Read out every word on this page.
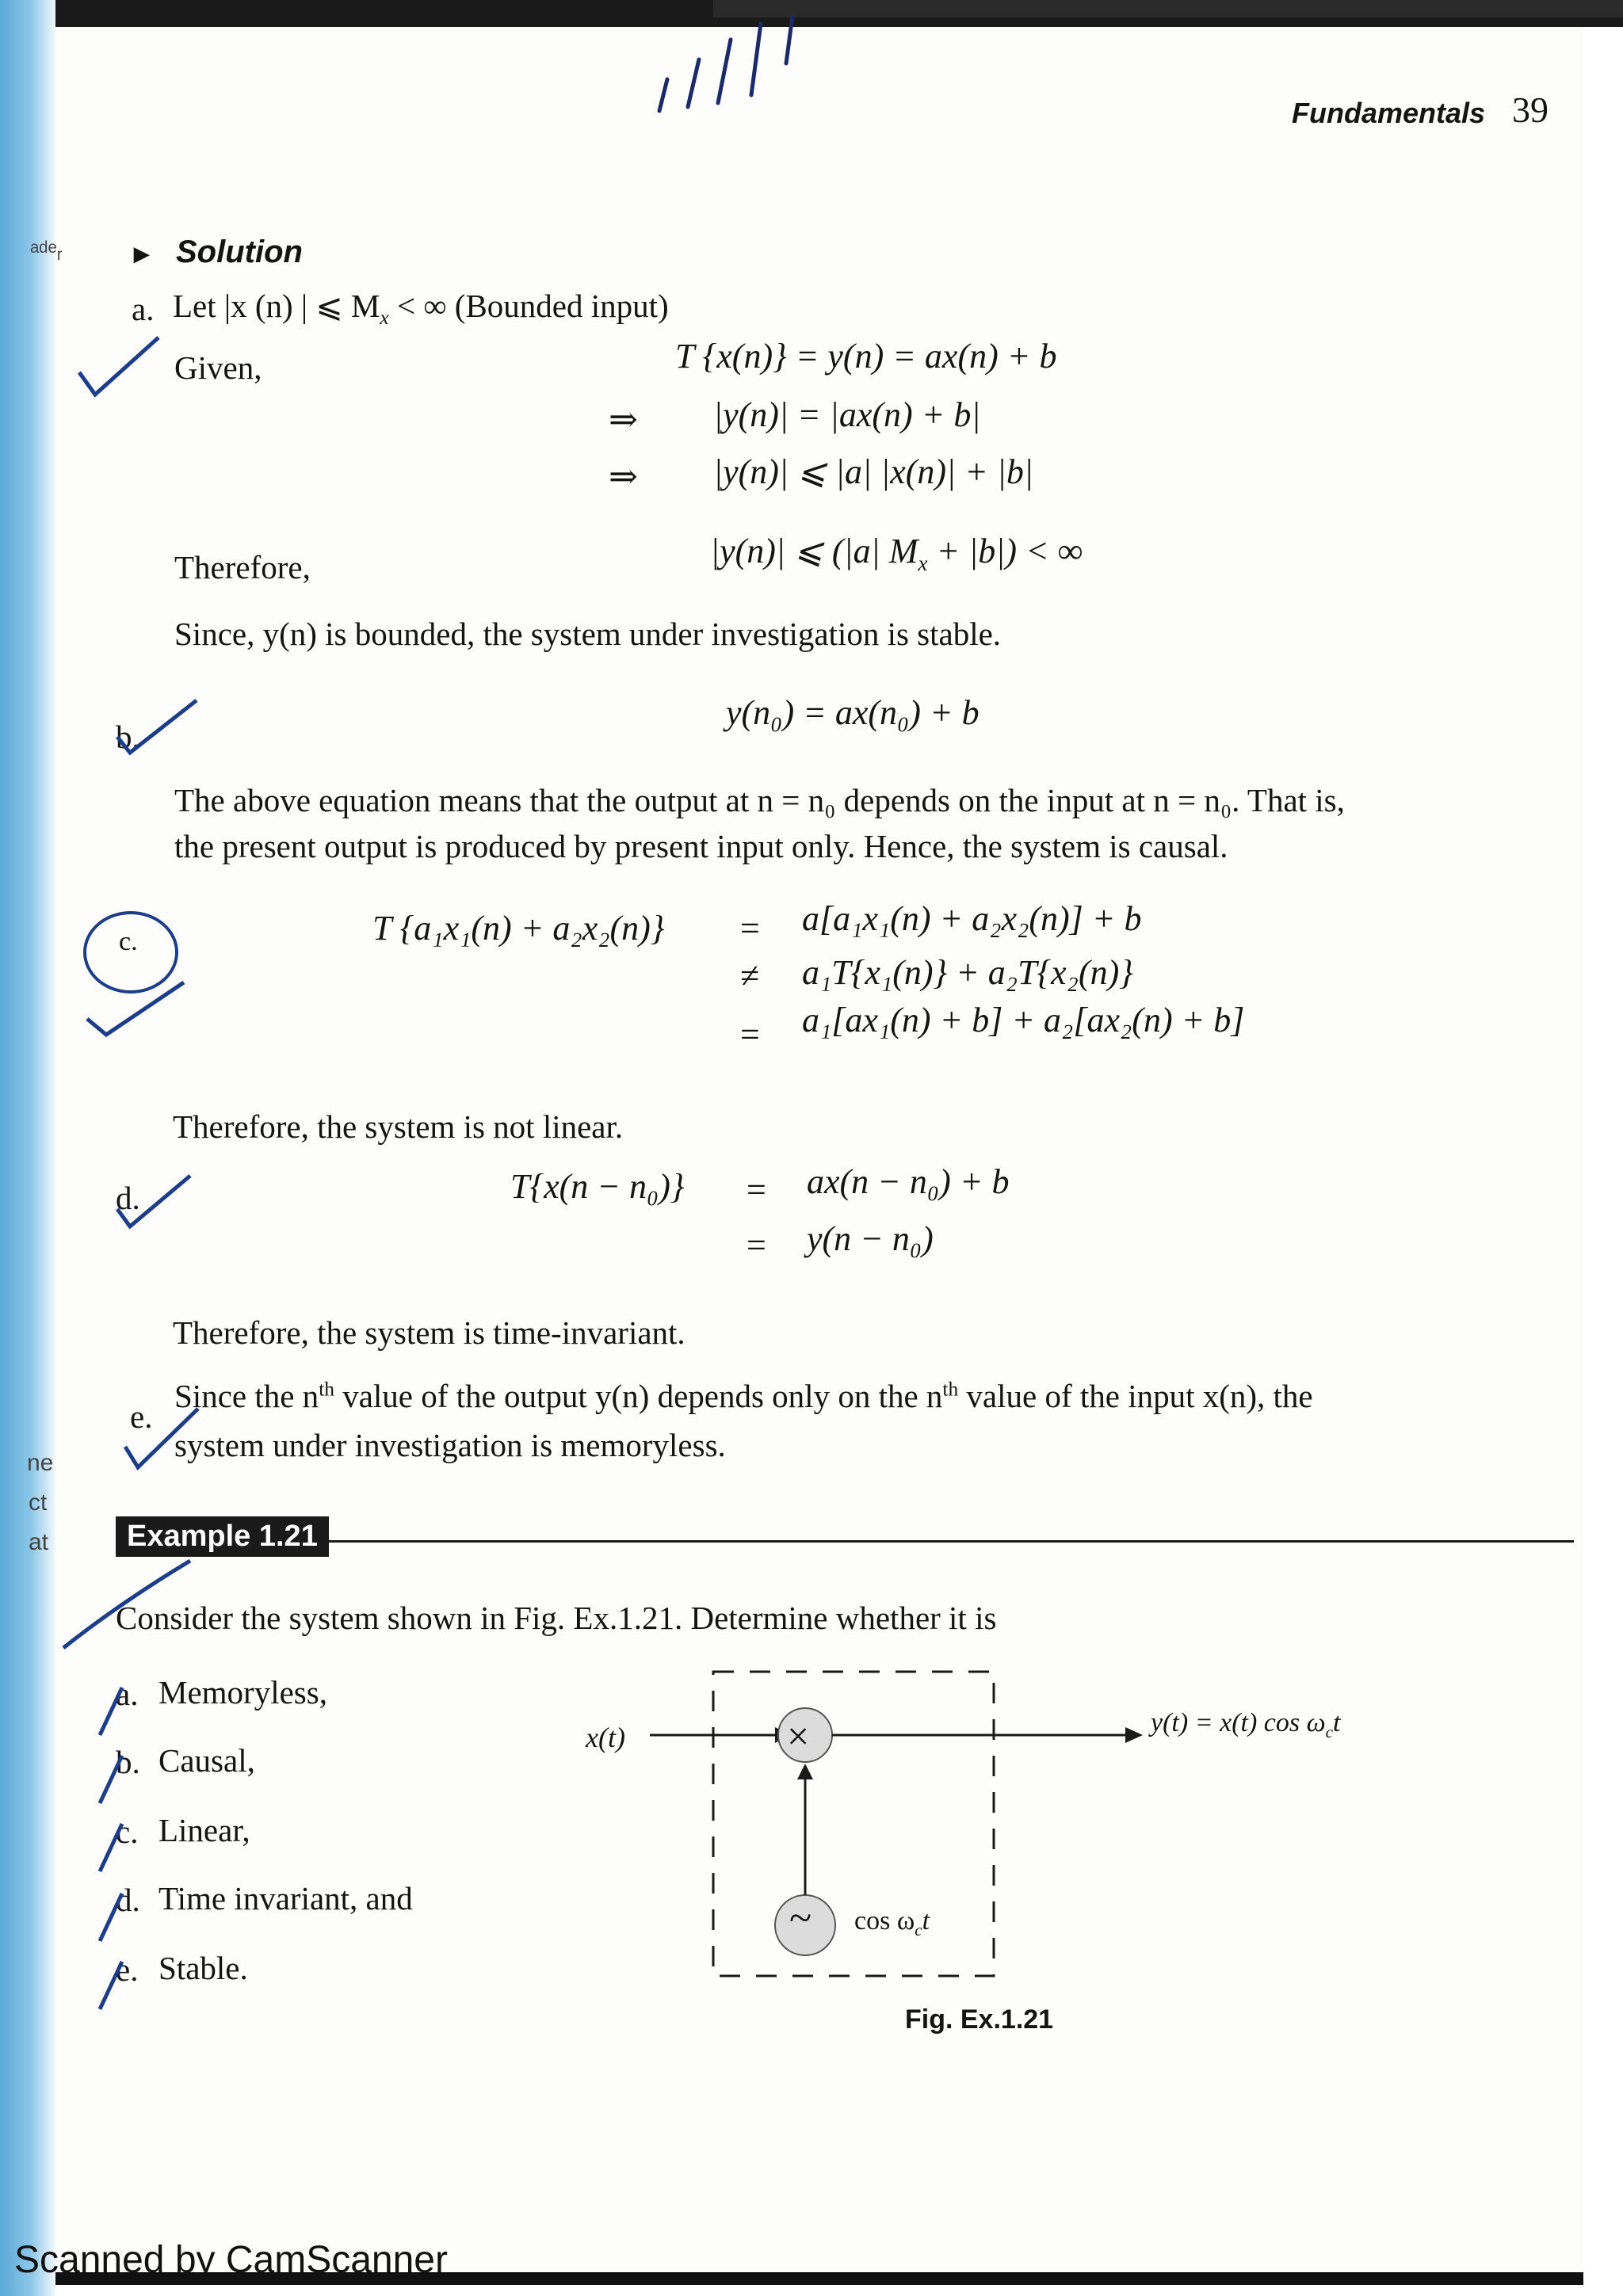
ᵃᵈᵉᵣ
ne
ct
at
Fundamentals 39
► Solution
a. Let |x (n) | ⩽ $M_x$ < ∞ (Bounded input)
Given,	T {x(n)} = y(n) = ax(n) + b
⇒ |y(n)| = |ax(n) + b|
⇒ |y(n)| ⩽ |a| |x(n)| + |b|
Therefore,	|y(n)| ⩽ (|a| $M_x + |b|$) < ∞
Since, y(n) is bounded, the system under investigation is stable.
b.
y(n₀) = ax(n₀) + b
The above equation means that the output at n = n₀ depends on the input at n = n₀. That is,
the present output is produced by present input only. Hence, the system is causal.
c.	T {a₁x₁(n) + a₂x₂(n)} = a[a₁x₁(n) + a₂x₂(n)] + b
≠ a₁T{x₁(n)} + a₂T{x₂(n)}
= a₁[ax₁(n) + b] + a₂[ax₂(n) + b]
Therefore, the system is not linear.
d.	T{x(n − n₀)} = ax(n − n₀) + b
= y(n − n₀)
Therefore, the system is time-invariant.
e.
Since the $n^{th}$ value of the output y(n) depends only on the $n^{th}$ value of the input x(n), the
system under investigation is memoryless.
Example 1.21
Consider the system shown in Fig. Ex.1.21. Determine whether it is
a. Memoryless,
b. Causal,
c. Linear,
d. Time invariant, and
e. Stable.
x(t)	×
~ $\cos \omega_ct$
y(t) = x(t) $\cos \omega_ct$
Fig. Ex.1.21
Scanned by CamScanner
